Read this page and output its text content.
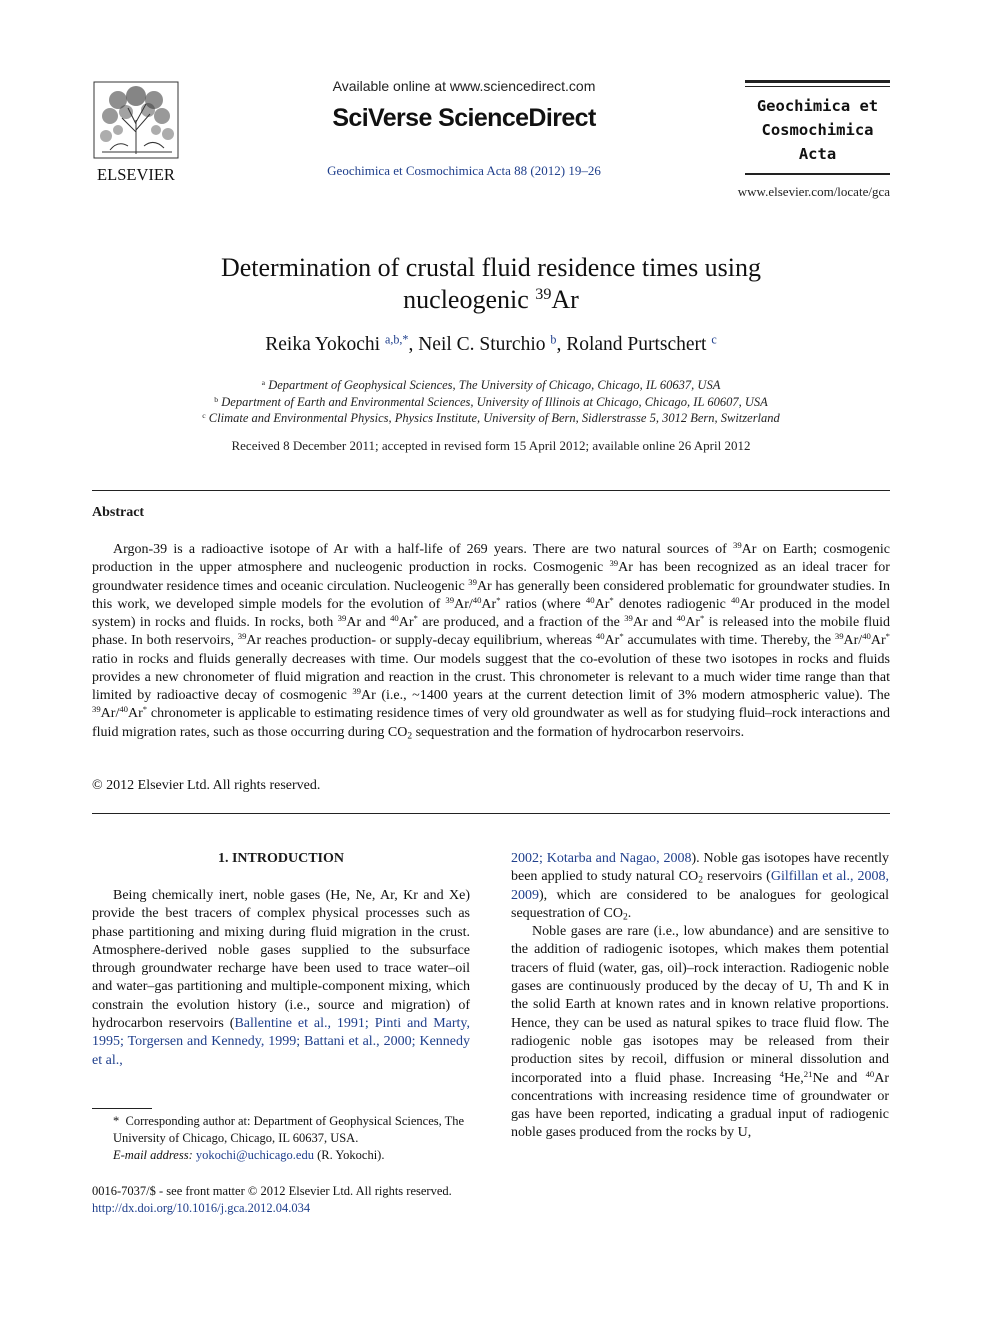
ELSEVIER
Available online at www.sciencedirect.com
SciVerse ScienceDirect
Geochimica et Cosmochimica Acta 88 (2012) 19–26
Geochimica et
Cosmochimica
Acta
www.elsevier.com/locate/gca
Determination of crustal fluid residence times using
nucleogenic $^{39}$Ar
Reika Yokochi $^{a,b,*}$, Neil C. Sturchio $^b$, Roland Purtschert $^c$
$^a$ Department of Geophysical Sciences, The University of Chicago, Chicago, IL 60637, USA
$^b$ Department of Earth and Environmental Sciences, University of Illinois at Chicago, Chicago, IL 60607, USA
$^c$ Climate and Environmental Physics, Physics Institute, University of Bern, Sidlerstrasse 5, 3012 Bern, Switzerland
Received 8 December 2011; accepted in revised form 15 April 2012; available online 26 April 2012
Abstract

Argon-39 is a radioactive isotope of Ar with a half-life of 269 years. There are two natural sources of $^{39}$Ar on Earth; cosmogenic production in the upper atmosphere and nucleogenic production in rocks. Cosmogenic $^{39}$Ar has been recognized as an ideal tracer for groundwater residence times and oceanic circulation. Nucleogenic $^{39}$Ar has generally been considered problematic for groundwater studies. In this work, we developed simple models for the evolution of $^{39}$Ar/$^{40}$Ar* ratios (where $^{40}$Ar* denotes radiogenic $^{40}$Ar produced in the model system) in rocks and fluids. In rocks, both $^{39}$Ar and $^{40}$Ar* are produced, and a fraction of the $^{39}$Ar and $^{40}$Ar* is released into the mobile fluid phase. In both reservoirs, $^{39}$Ar reaches production- or supply-decay equilibrium, whereas $^{40}$Ar* accumulates with time. Thereby, the $^{39}$Ar/$^{40}$Ar* ratio in rocks and fluids generally decreases with time. Our models suggest that the co-evolution of these two isotopes in rocks and fluids provides a new chronometer of fluid migration and reaction in the crust. This chronometer is relevant to a much wider time range than that limited by radioactive decay of cosmogenic $^{39}$Ar (i.e., ~1400 years at the current detection limit of 3% modern atmospheric value). The $^{39}$Ar/$^{40}$Ar* chronometer is applicable to estimating residence times of very old groundwater as well as for studying fluid–rock interactions and fluid migration rates, such as those occurring during $CO_2$ sequestration and the formation of hydrocarbon reservoirs.

© 2012 Elsevier Ltd. All rights reserved.
1. INTRODUCTION

Being chemically inert, noble gases (He, Ne, Ar, Kr and Xe) provide the best tracers of complex physical processes such as phase partitioning and mixing during fluid migration in the crust. Atmosphere-derived noble gases supplied to the subsurface through groundwater recharge have been used to trace water–oil and water–gas partitioning and multiple-component mixing, which constrain the evolution history (i.e., source and migration) of hydrocarbon reservoirs (Ballentine et al., 1991; Pinti and Marty, 1995; Torgersen and Kennedy, 1999; Battani et al., 2000; Kennedy et al.,

2002; Kotarba and Nagao, 2008). Noble gas isotopes have recently been applied to study natural $CO_2$ reservoirs (Gilfillan et al., 2008, 2009), which are considered to be analogues for geological sequestration of $CO_2$.

Noble gases are rare (i.e., low abundance) and are sensitive to the addition of radiogenic isotopes, which makes them potential tracers of fluid (water, gas, oil)–rock interaction. Radiogenic noble gases are continuously produced by the decay of U, Th and K in the solid Earth at known rates and in known relative proportions. Hence, they can be used as natural spikes to trace fluid flow. The radiogenic noble gas isotopes may be released from their production sites by recoil, diffusion or mineral dissolution and incorporated into a fluid phase. Increasing $^4$He,$^{21}$Ne and $^{40}$Ar concentrations with increasing residence time of groundwater or gas have been reported, indicating a gradual input of radiogenic noble gases produced from the rocks by U,

* Corresponding author at: Department of Geophysical Sciences, The University of Chicago, Chicago, IL 60637, USA.
E-mail address: yokochi@uchicago.edu (R. Yokochi).
0016-7037/$ - see front matter © 2012 Elsevier Ltd. All rights reserved.
http://dx.doi.org/10.1016/j.gca.2012.04.034
